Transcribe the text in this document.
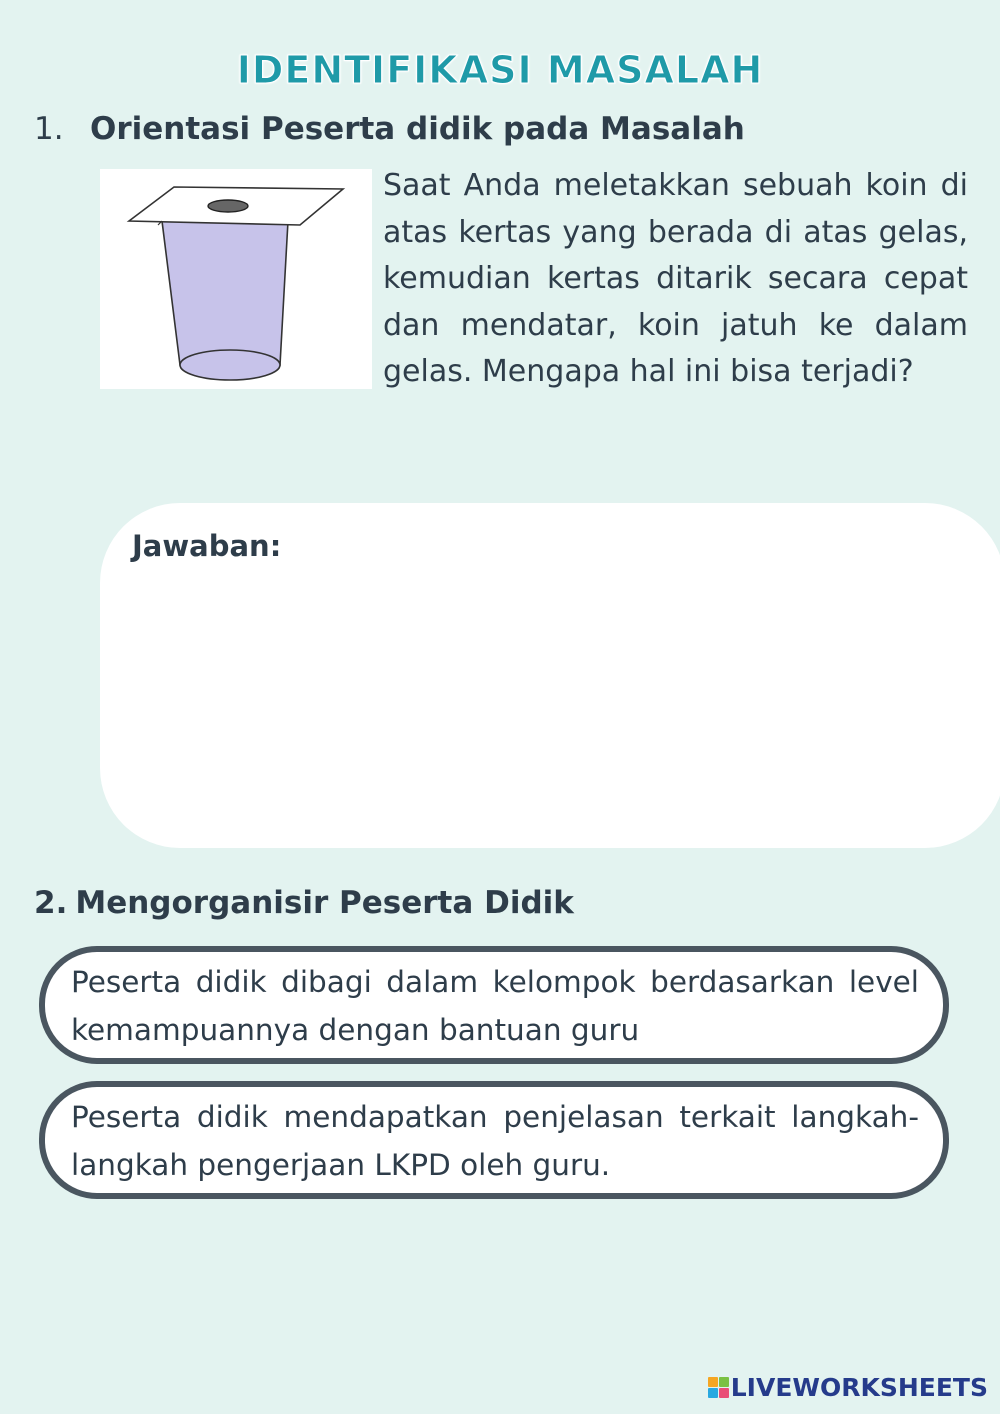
IDENTIFIKASI MASALAH
1. Orientasi Peserta didik pada Masalah

Saat Anda meletakkan sebuah koin di atas kertas yang berada di atas gelas, kemudian kertas ditarik secara cepat dan mendatar, koin jatuh ke dalam gelas. Mengapa hal ini bisa terjadi?

Jawaban:
2. Mengorganisir Peserta Didik

Peserta didik dibagi dalam kelompok berdasarkan level kemampuannya dengan bantuan guru

Peserta didik mendapatkan penjelasan terkait langkah-langkah pengerjaan LKPD oleh guru.

LIVEWORKSHEETS
